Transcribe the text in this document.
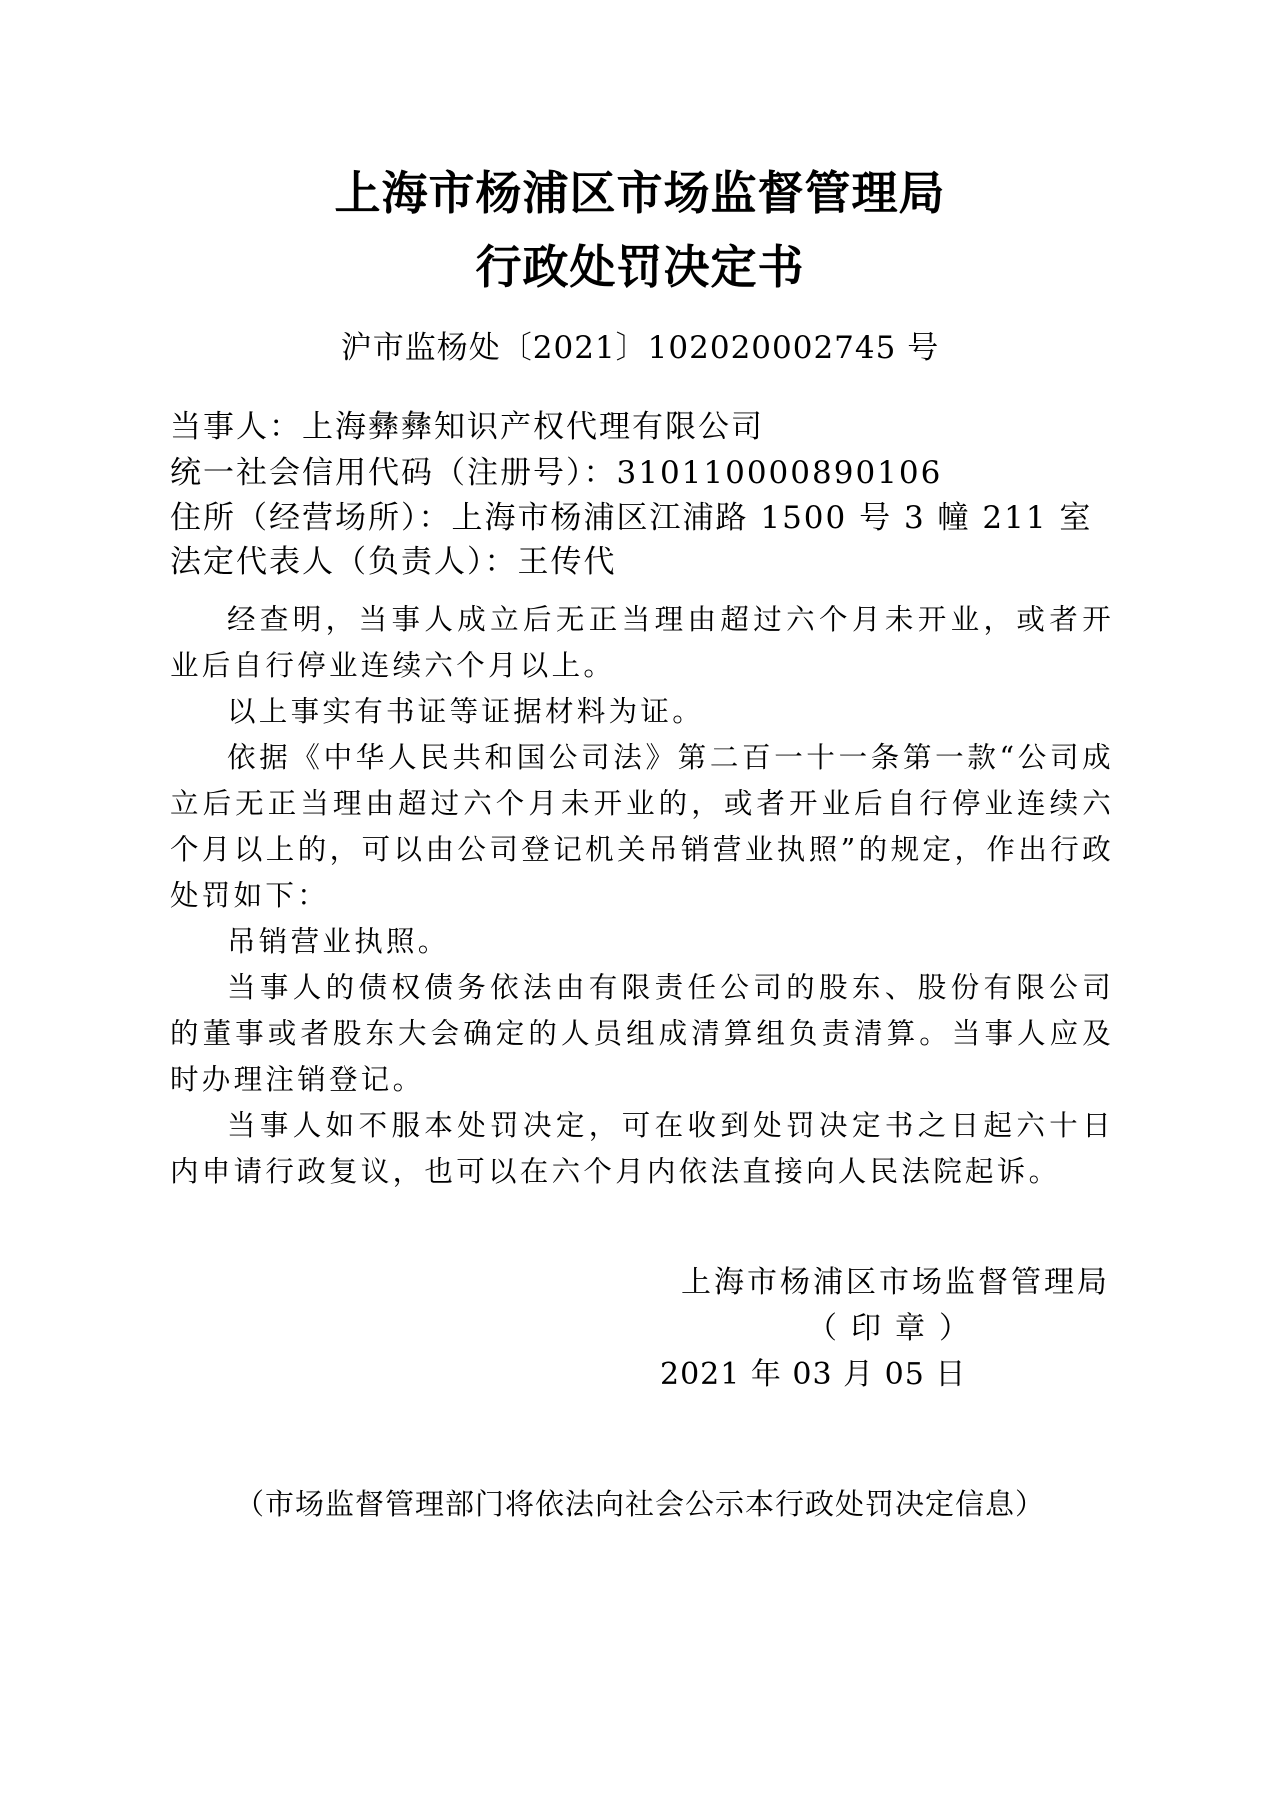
上海市杨浦区市场监督管理局
行政处罚决定书
沪市监杨处〔2021〕102020002745 号
当事人：上海彝彝知识产权代理有限公司
统一社会信用代码（注册号）：310110000890106
住所（经营场所）：上海市杨浦区江浦路 1500 号 3 幢 211 室
法定代表人（负责人）：王传代

经查明，当事人成立后无正当理由超过六个月未开业，或者开业后自行停业连续六个月以上。

以上事实有书证等证据材料为证。

依据《中华人民共和国公司法》第二百一十一条第一款“公司成立后无正当理由超过六个月未开业的，或者开业后自行停业连续六个月以上的，可以由公司登记机关吊销营业执照”的规定，作出行政处罚如下：

吊销营业执照。

当事人的债权债务依法由有限责任公司的股东、股份有限公司的董事或者股东大会确定的人员组成清算组负责清算。当事人应及时办理注销登记。

当事人如不服本处罚决定，可在收到处罚决定书之日起六十日内申请行政复议，也可以在六个月内依法直接向人民法院起诉。

上海市杨浦区市场监督管理局
（印章）
2021 年 03 月 05 日
（市场监督管理部门将依法向社会公示本行政处罚决定信息）
